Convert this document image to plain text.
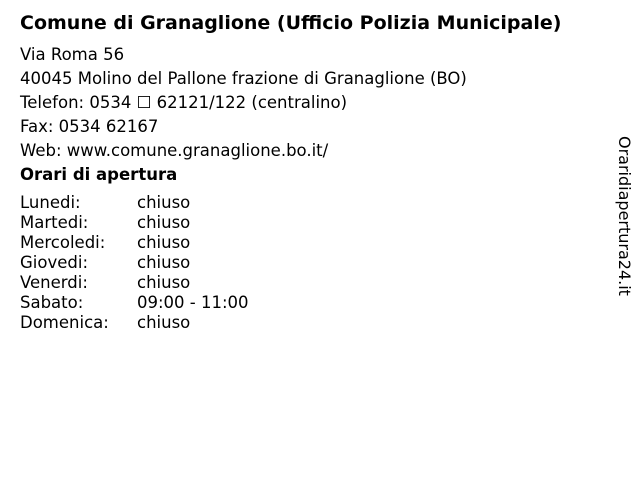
Comune di Granaglione (Ufficio Polizia Municipale)
Via Roma 56
40045 Molino del Pallone frazione di Granaglione (BO)
Telefon: 0534 ☐ 62121/122 (centralino)
Fax: 0534 62167
Web: www.comune.granaglione.bo.it/
Orari di apertura
Lunedi:	chiuso
Martedi:	chiuso
Mercoledi: chiuso
Giovedi:	chiuso
Venerdi:	chiuso
Sabato:	09:00 - 11:00
Domenica: chiuso
Oraridiapertura24.it
